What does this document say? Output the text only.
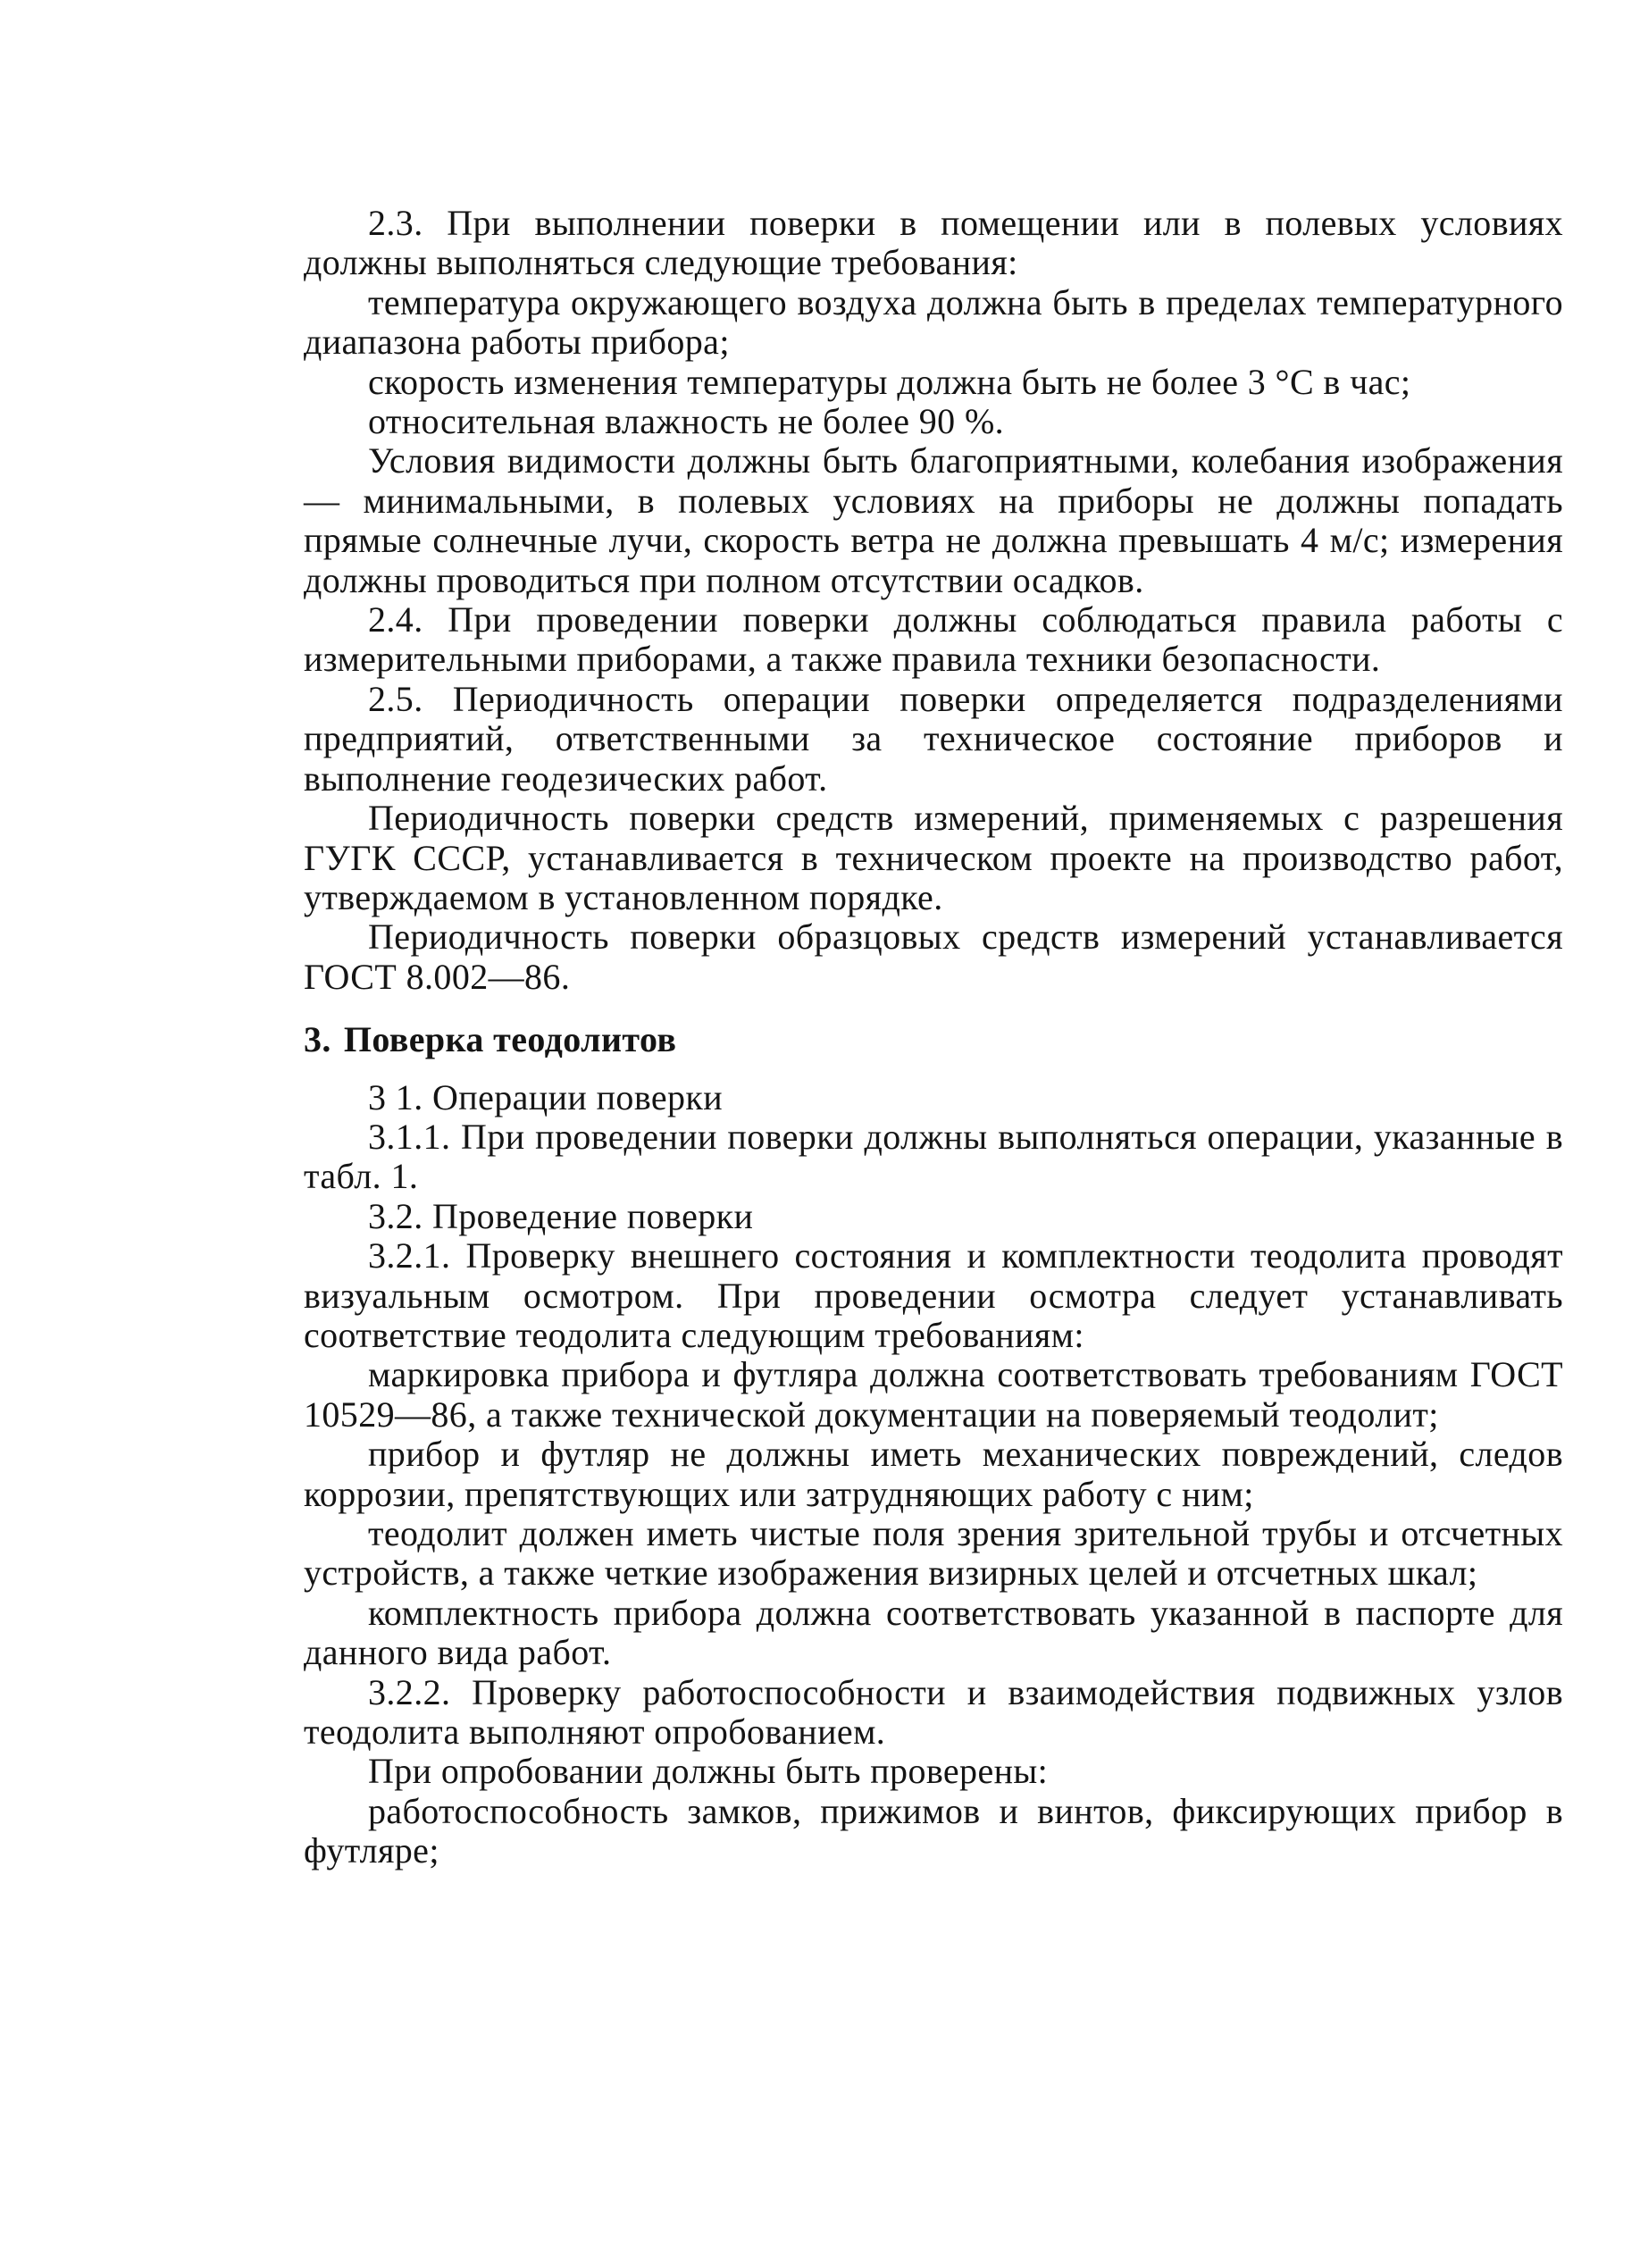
2.3. При выполнении поверки в помещении или в полевых условиях должны выполняться следующие требования:

температура окружающего воздуха должна быть в пределах температурного диапазона работы прибора;

скорость изменения температуры должна быть не более 3 °С в час;

относительная влажность не более 90 %.

Условия видимости должны быть благоприятными, колебания изображения — минимальными, в полевых условиях на приборы не должны попадать прямые солнечные лучи, скорость ветра не должна превышать 4 м/с; измерения должны проводиться при полном отсутствии осадков.

2.4. При проведении поверки должны соблюдаться правила работы с измерительными приборами, а также правила техники безопасности.

2.5. Периодичность операции поверки определяется подразделениями предприятий, ответственными за техническое состояние приборов и выполнение геодезических работ.

Периодичность поверки средств измерений, применяемых с разрешения ГУГК СССР, устанавливается в техническом проекте на производство работ, утверждаемом в установленном порядке.

Периодичность поверки образцовых средств измерений устанавливается ГОСТ 8.002—86.

3. Поверка теодолитов

3 1. Операции поверки

3.1.1. При проведении поверки должны выполняться операции, указанные в табл. 1.

3.2. Проведение поверки

3.2.1. Проверку внешнего состояния и комплектности теодолита проводят визуальным осмотром. При проведении осмотра следует устанавливать соответствие теодолита следующим требованиям:

маркировка прибора и футляра должна соответствовать требованиям ГОСТ 10529—86, а также технической документации на поверяемый теодолит;

прибор и футляр не должны иметь механических повреждений, следов коррозии, препятствующих или затрудняющих работу с ним;

теодолит должен иметь чистые поля зрения зрительной трубы и отсчетных устройств, а также четкие изображения визирных целей и отсчетных шкал;

комплектность прибора должна соответствовать указанной в паспорте для данного вида работ.

3.2.2. Проверку работоспособности и взаимодействия подвижных узлов теодолита выполняют опробованием.

При опробовании должны быть проверены:

работоспособность замков, прижимов и винтов, фиксирующих прибор в футляре;
